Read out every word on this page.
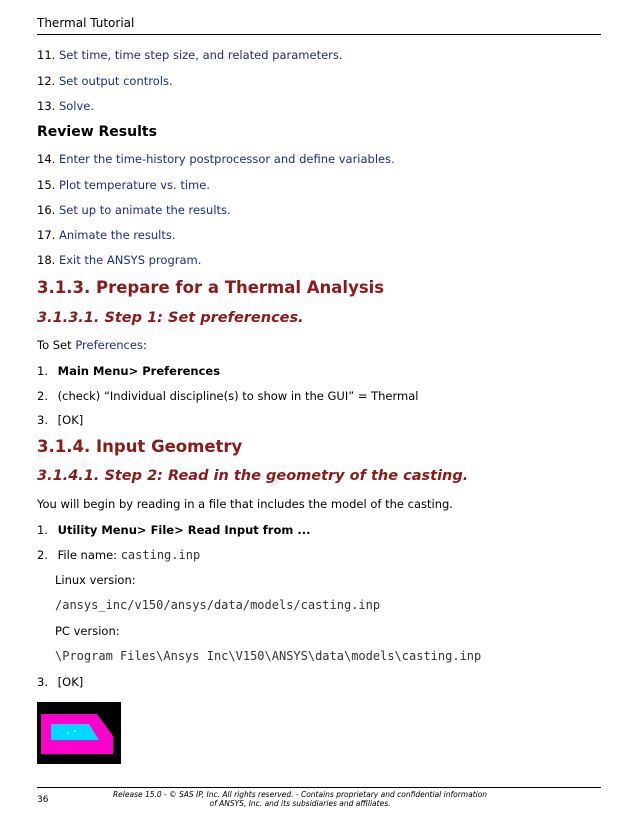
Thermal Tutorial
11. Set time, time step size, and related parameters.
12. Set output controls.
13. Solve.
Review Results
14. Enter the time-history postprocessor and define variables.
15. Plot temperature vs. time.
16. Set up to animate the results.
17. Animate the results.
18. Exit the ANSYS program.
3.1.3. Prepare for a Thermal Analysis
3.1.3.1. Step 1: Set preferences.
To Set Preferences:
1. Main Menu> Preferences
2. (check) “Individual discipline(s) to show in the GUI” = Thermal
3. [OK]
3.1.4. Input Geometry
3.1.4.1. Step 2: Read in the geometry of the casting.
You will begin by reading in a file that includes the model of the casting.
1. Utility Menu> File> Read Input from ...
2. File name: casting.inp
Linux version:
/ansys_inc/v150/ansys/data/models/casting.inp
PC version:
\Program Files\Ansys Inc\V150\ANSYS\data\models\casting.inp
3. [OK]
36
Release 15.0 - © SAS IP, Inc. All rights reserved. - Contains proprietary and confidential information
of ANSYS, Inc. and its subsidiaries and affiliates.
